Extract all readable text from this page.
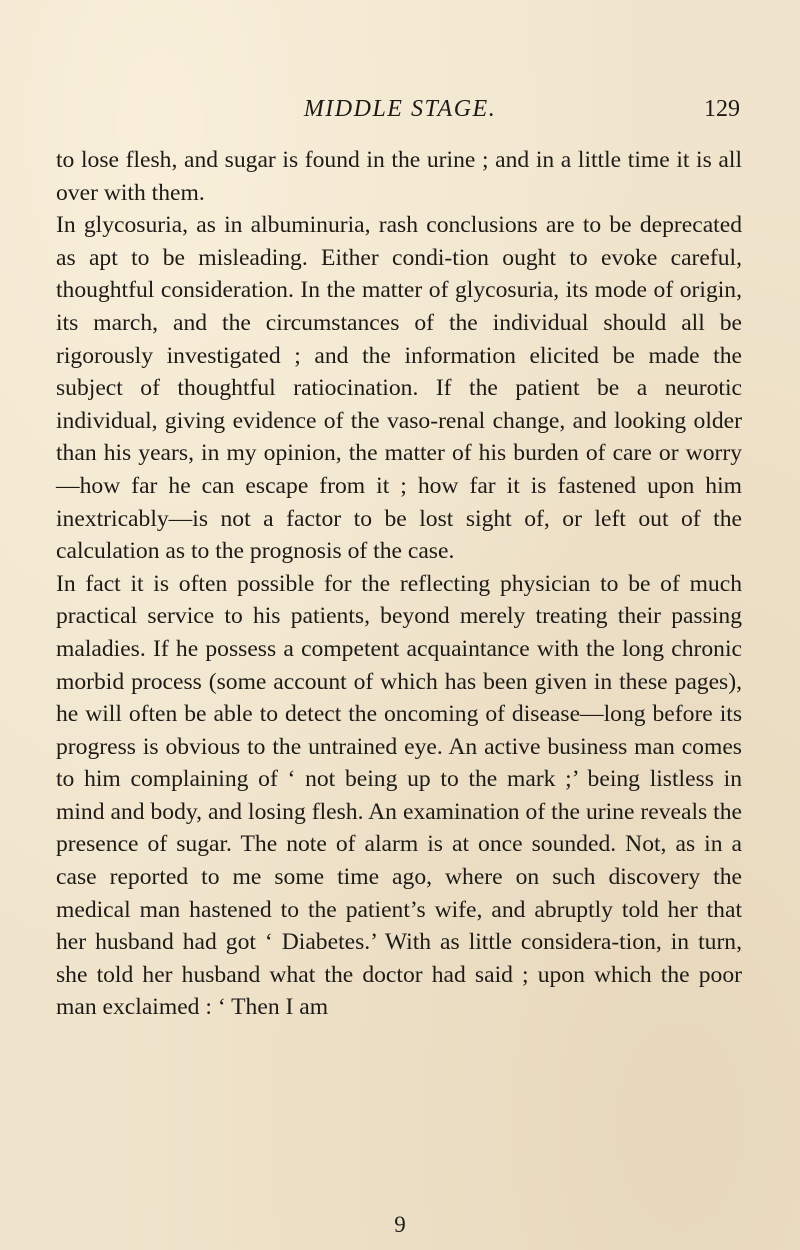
MIDDLE STAGE.	129

to lose flesh, and sugar is found in the urine ; and in a little time it is all over with them.

In glycosuria, as in albuminuria, rash conclusions are to be deprecated as apt to be misleading. Either condi-tion ought to evoke careful, thoughtful consideration. In the matter of glycosuria, its mode of origin, its march, and the circumstances of the individual should all be rigorously investigated ; and the information elicited be made the subject of thoughtful ratiocination. If the patient be a neurotic individual, giving evidence of the vaso-renal change, and looking older than his years, in my opinion, the matter of his burden of care or worry—how far he can escape from it ; how far it is fastened upon him inextricably—is not a factor to be lost sight of, or left out of the calculation as to the prognosis of the case.

In fact it is often possible for the reflecting physician to be of much practical service to his patients, beyond merely treating their passing maladies. If he possess a competent acquaintance with the long chronic morbid process (some account of which has been given in these pages), he will often be able to detect the oncoming of disease—long before its progress is obvious to the untrained eye. An active business man comes to him complaining of ‘ not being up to the mark ;’ being listless in mind and body, and losing flesh. An examination of the urine reveals the presence of sugar. The note of alarm is at once sounded. Not, as in a case reported to me some time ago, where on such discovery the medical man hastened to the patient’s wife, and abruptly told her that her husband had got ‘ Diabetes.’ With as little considera-tion, in turn, she told her husband what the doctor had said ; upon which the poor man exclaimed : ‘ Then I am

9
